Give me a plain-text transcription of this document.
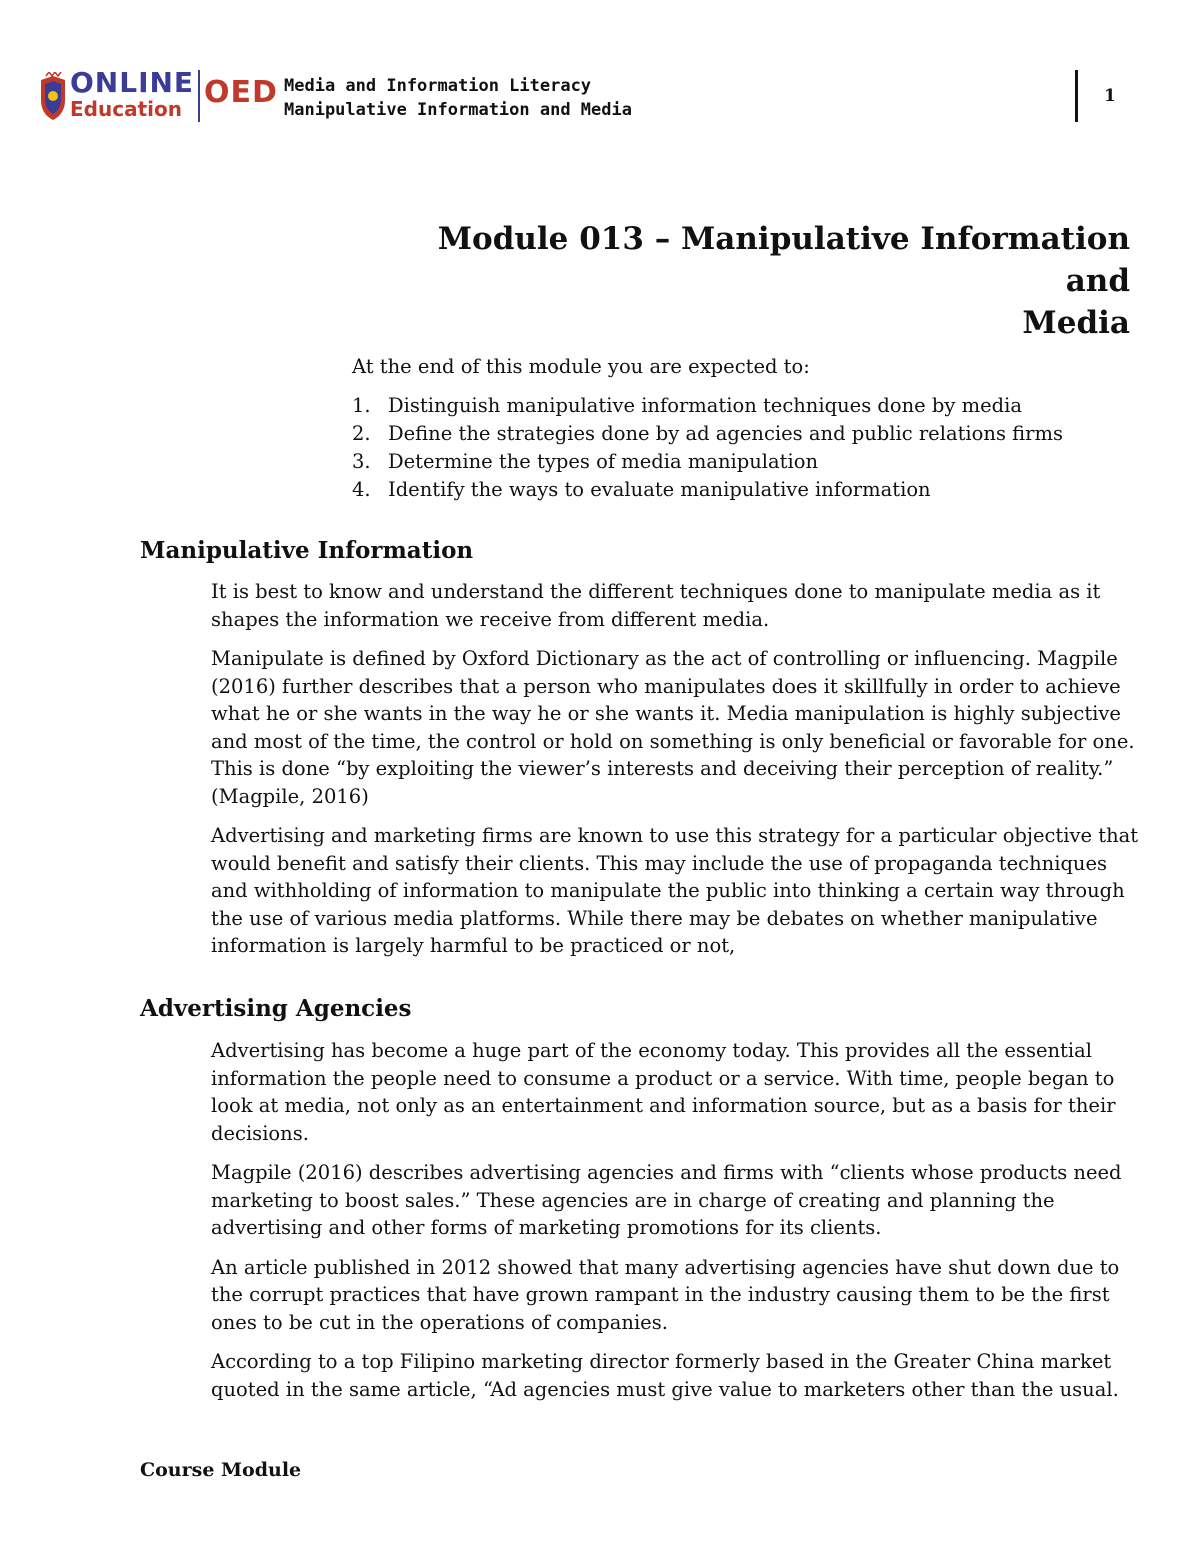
ONLINE
Education OED Media and Information Literacy
Manipulative Information and Media
1
Module 013 – Manipulative Information and
Media

At the end of this module you are expected to:

1. Distinguish manipulative information techniques done by media
2. Define the strategies done by ad agencies and public relations firms
3. Determine the types of media manipulation
4. Identify the ways to evaluate manipulative information
Manipulative Information

It is best to know and understand the different techniques done to manipulate media as it shapes the information we receive from different media.

Manipulate is defined by Oxford Dictionary as the act of controlling or influencing. Magpile (2016) further describes that a person who manipulates does it skillfully in order to achieve what he or she wants in the way he or she wants it. Media manipulation is highly subjective and most of the time, the control or hold on something is only beneficial or favorable for one. This is done “by exploiting the viewer’s interests and deceiving their perception of reality.” (Magpile, 2016)

Advertising and marketing firms are known to use this strategy for a particular objective that would benefit and satisfy their clients. This may include the use of propaganda techniques and withholding of information to manipulate the public into thinking a certain way through the use of various media platforms. While there may be debates on whether manipulative information is largely harmful to be practiced or not,

Advertising Agencies

Advertising has become a huge part of the economy today. This provides all the essential information the people need to consume a product or a service. With time, people began to look at media, not only as an entertainment and information source, but as a basis for their decisions.

Magpile (2016) describes advertising agencies and firms with “clients whose products need marketing to boost sales.” These agencies are in charge of creating and planning the advertising and other forms of marketing promotions for its clients.

An article published in 2012 showed that many advertising agencies have shut down due to the corrupt practices that have grown rampant in the industry causing them to be the first ones to be cut in the operations of companies.

According to a top Filipino marketing director formerly based in the Greater China market quoted in the same article, “Ad agencies must give value to marketers other than the usual.

Course Module
